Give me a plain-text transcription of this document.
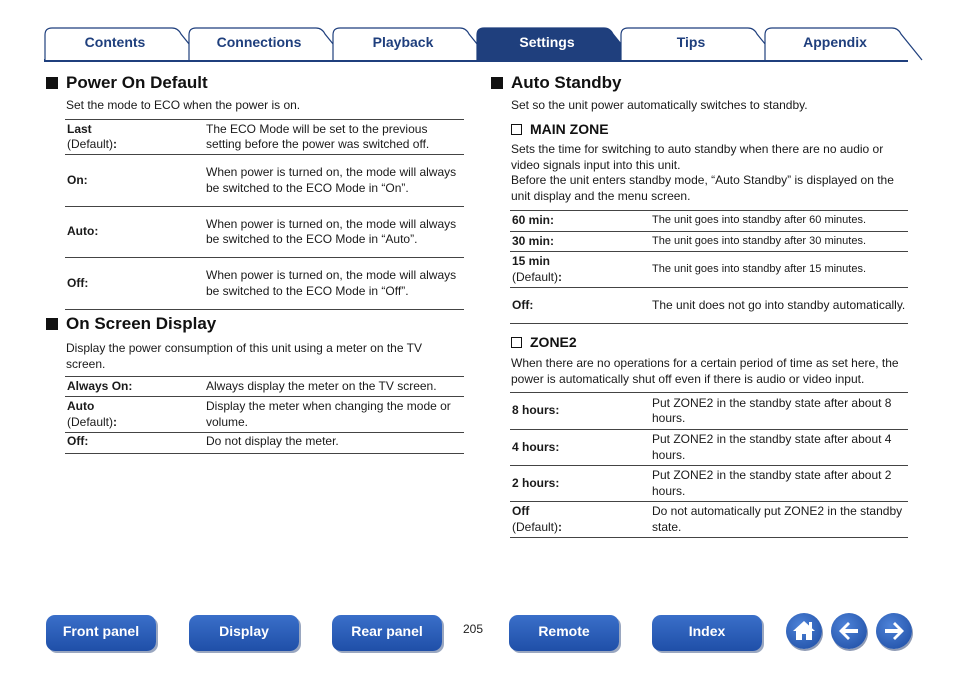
Contents	Connections	Playback	Settings	Tips	Appendix
Power On Default
Set the mode to ECO when the power is on.
Last
(Default):	The ECO Mode will be set to the previous setting before the power was switched off.
On:	When power is turned on, the mode will always be switched to the ECO Mode in “On”.
Auto:	When power is turned on, the mode will always be switched to the ECO Mode in “Auto”.
Off:	When power is turned on, the mode will always be switched to the ECO Mode in “Off”.
On Screen Display
Display the power consumption of this unit using a meter on the TV screen.
Always On:	Always display the meter on the TV screen.
Auto
(Default):	Display the meter when changing the mode or volume.
Off:	Do not display the meter.
Auto Standby
Set so the unit power automatically switches to standby.
MAIN ZONE
Sets the time for switching to auto standby when there are no audio or video signals input into this unit.
Before the unit enters standby mode, “Auto Standby” is displayed on the unit display and the menu screen.
60 min:	The unit goes into standby after 60 minutes.
30 min:	The unit goes into standby after 30 minutes.
15 min
(Default):	The unit goes into standby after 15 minutes.
Off:	The unit does not go into standby automatically.
ZONE2
When there are no operations for a certain period of time as set here, the power is automatically shut off even if there is audio or video input.
8 hours:	Put ZONE2 in the standby state after about 8 hours.
4 hours:	Put ZONE2 in the standby state after about 4 hours.
2 hours:	Put ZONE2 in the standby state after about 2 hours.
Off
(Default):	Do not automatically put ZONE2 in the standby state.
Front panel	Display	Rear panel	205	Remote	Index
